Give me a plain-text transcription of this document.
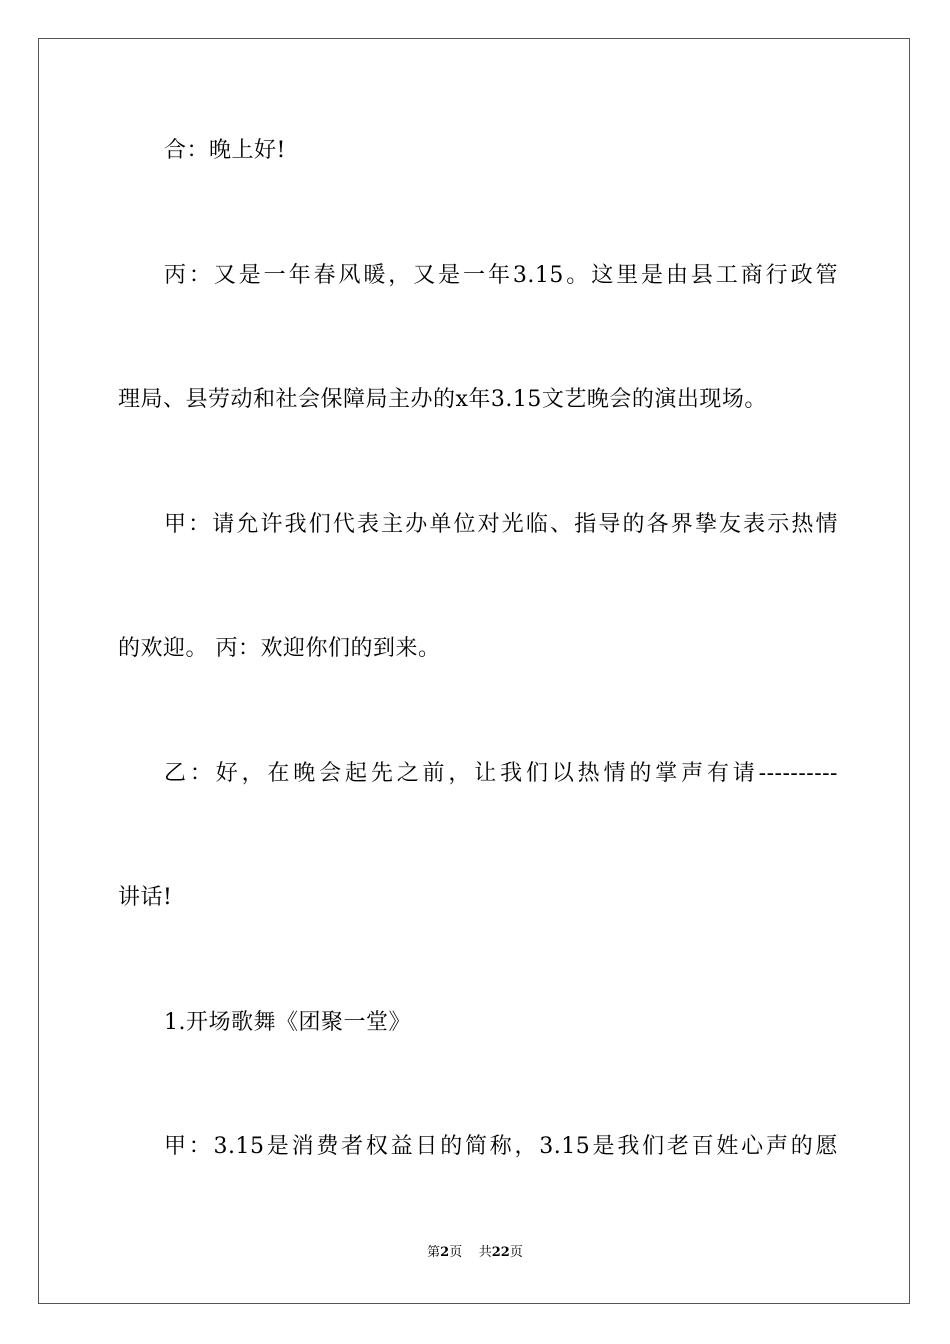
合：晚上好!
丙：又是一年春风暖，又是一年3.15。这里是由县工商行政管
理局、县劳动和社会保障局主办的x年3.15文艺晚会的演出现场。
甲：请允许我们代表主办单位对光临、指导的各界挚友表示热情
的欢迎。 丙：欢迎你们的到来。
乙：好，在晚会起先之前，让我们以热情的掌声有请----------
讲话!
1.开场歌舞《团聚一堂》
甲：3.15是消费者权益日的简称，3.15是我们老百姓心声的愿
第2页 共22页
